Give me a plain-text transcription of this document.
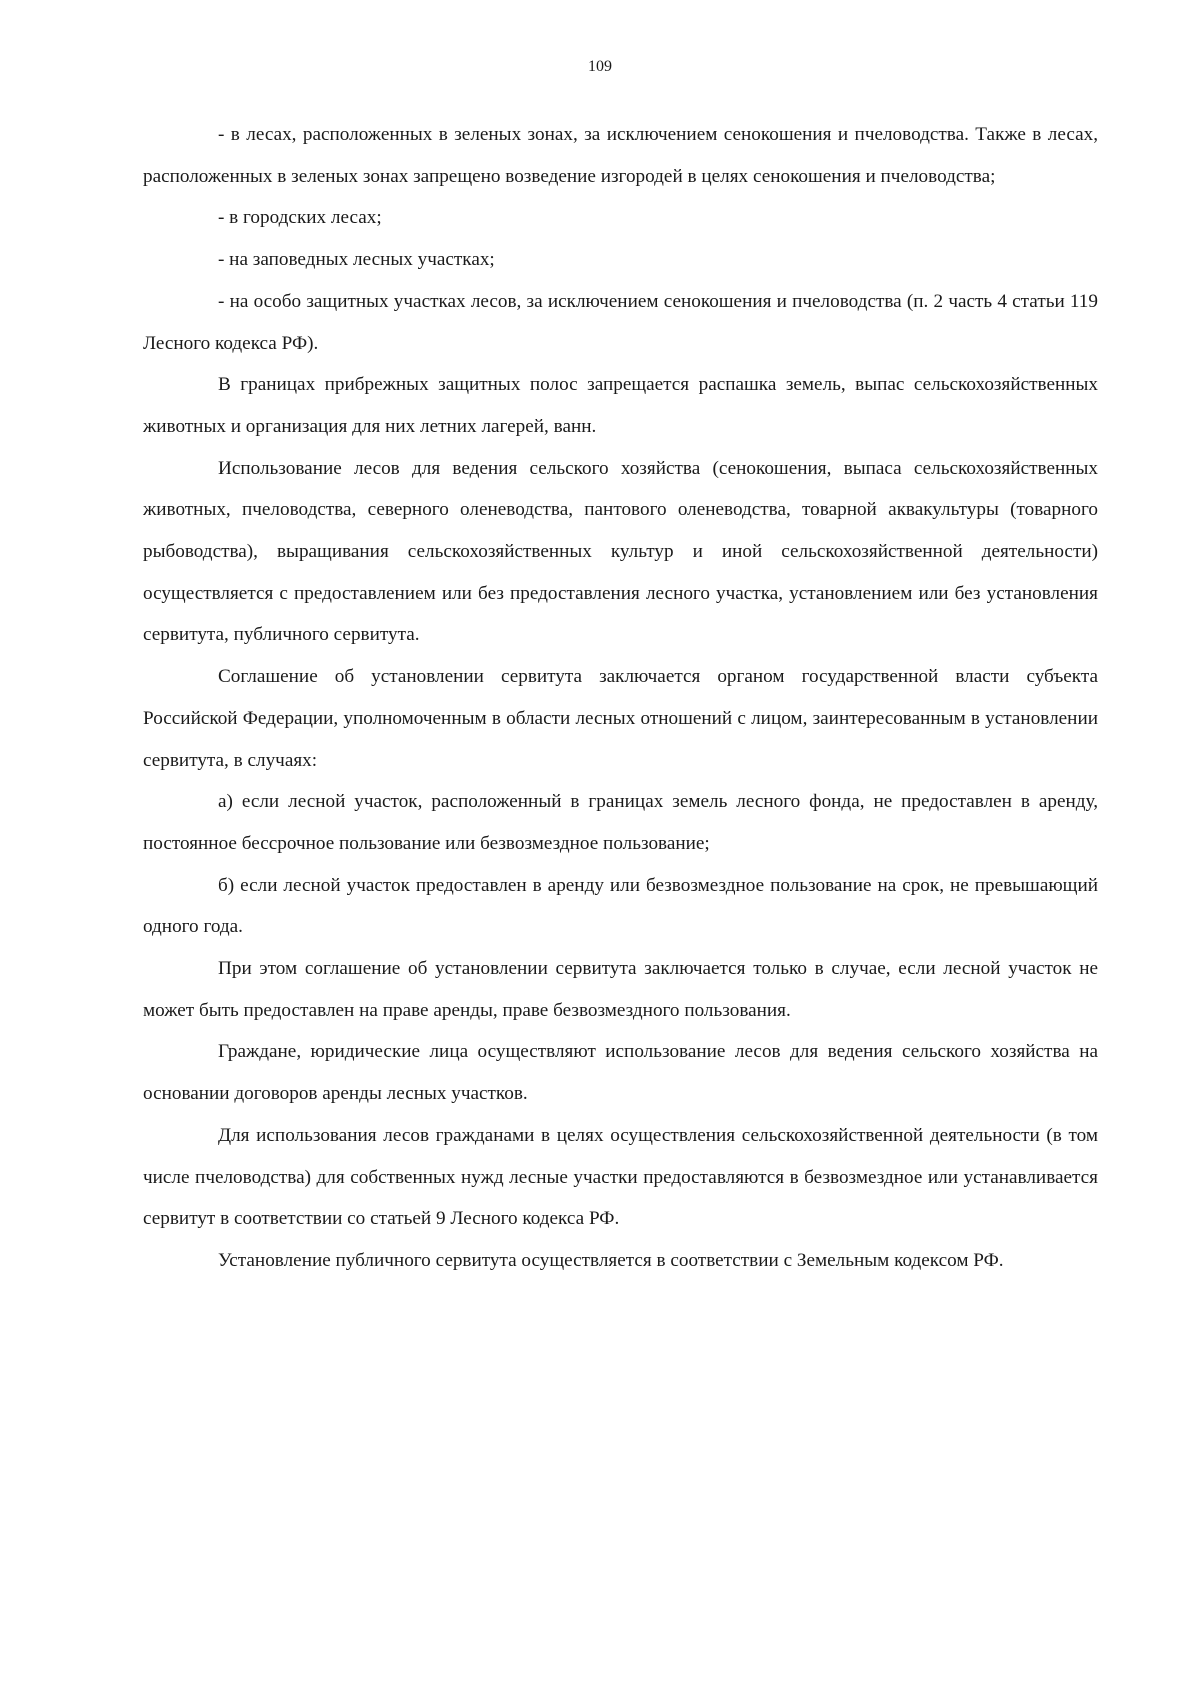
109

- в лесах, расположенных в зеленых зонах, за исключением сенокошения и пчеловодства. Также в лесах, расположенных в зеленых зонах запрещено возведение изгородей в целях сенокошения и пчеловодства;

- в городских лесах;

- на заповедных лесных участках;

- на особо защитных участках лесов, за исключением сенокошения и пчеловодства (п. 2 часть 4 статьи 119 Лесного кодекса РФ).

В границах прибрежных защитных полос запрещается распашка земель, выпас сельскохозяйственных животных и организация для них летних лагерей, ванн.

Использование лесов для ведения сельского хозяйства (сенокошения, выпаса сельскохозяйственных животных, пчеловодства, северного оленеводства, пантового оленеводства, товарной аквакультуры (товарного рыбоводства), выращивания сельскохозяйственных культур и иной сельскохозяйственной деятельности) осуществляется с предоставлением или без предоставления лесного участка, установлением или без установления сервитута, публичного сервитута.

Соглашение об установлении сервитута заключается органом государственной власти субъекта Российской Федерации, уполномоченным в области лесных отношений с лицом, заинтересованным в установлении сервитута, в случаях:

а) если лесной участок, расположенный в границах земель лесного фонда, не предоставлен в аренду, постоянное бессрочное пользование или безвозмездное пользование;

б) если лесной участок предоставлен в аренду или безвозмездное пользование на срок, не превышающий одного года.

При этом соглашение об установлении сервитута заключается только в случае, если лесной участок не может быть предоставлен на праве аренды, праве безвозмездного пользования.

Граждане, юридические лица осуществляют использование лесов для ведения сельского хозяйства на основании договоров аренды лесных участков.

Для использования лесов гражданами в целях осуществления сельскохозяйственной деятельности (в том числе пчеловодства) для собственных нужд лесные участки предоставляются в безвозмездное или устанавливается сервитут в соответствии со статьей 9 Лесного кодекса РФ.

Установление публичного сервитута осуществляется в соответствии с Земельным кодексом РФ.
